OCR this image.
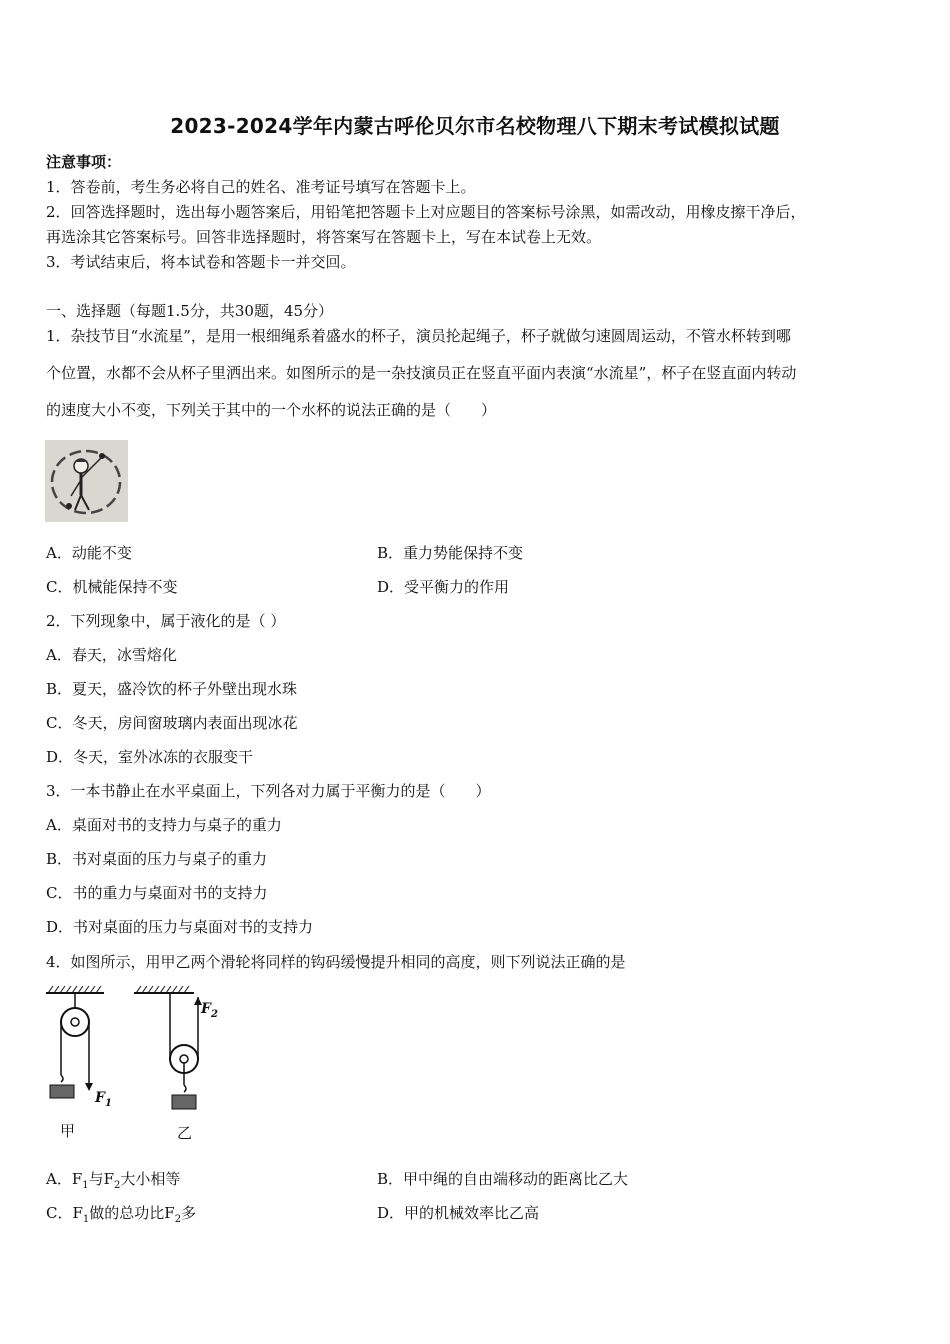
2023-2024学年内蒙古呼伦贝尔市名校物理八下期末考试模拟试题
注意事项：
1．答卷前，考生务必将自己的姓名、准考证号填写在答题卡上。
2．回答选择题时，选出每小题答案后，用铅笔把答题卡上对应题目的答案标号涂黑，如需改动，用橡皮擦干净后，
再选涂其它答案标号。回答非选择题时，将答案写在答题卡上，写在本试卷上无效。
3．考试结束后，将本试卷和答题卡一并交回。
一、选择题（每题1.5分，共30题，45分）
1．杂技节目“水流星”，是用一根细绳系着盛水的杯子，演员抡起绳子，杯子就做匀速圆周运动，不管水杯转到哪
个位置，水都不会从杯子里洒出来。如图所示的是一杂技演员正在竖直平面内表演“水流星”，杯子在竖直面内转动
的速度大小不变，下列关于其中的一个水杯的说法正确的是（　　）
A．动能不变	B．重力势能保持不变
C．机械能保持不变	D．受平衡力的作用
2．下列现象中，属于液化的是（ ）
A．春天，冰雪熔化
B．夏天，盛冷饮的杯子外壁出现水珠
C．冬天，房间窗玻璃内表面出现冰花
D．冬天，室外冰冻的衣服变干
3．一本书静止在水平桌面上，下列各对力属于平衡力的是（　　）
A．桌面对书的支持力与桌子的重力
B．书对桌面的压力与桌子的重力
C．书的重力与桌面对书的支持力
D．书对桌面的压力与桌面对书的支持力
4．如图所示，用甲乙两个滑轮将同样的钩码缓慢提升相同的高度，则下列说法正确的是
$F_1$
甲
$F_2$
乙
A．$F_1$与$F_2$大小相等	B．甲中绳的自由端移动的距离比乙大
C．$F_1$做的总功比$F_2$多	D．甲的机械效率比乙高
